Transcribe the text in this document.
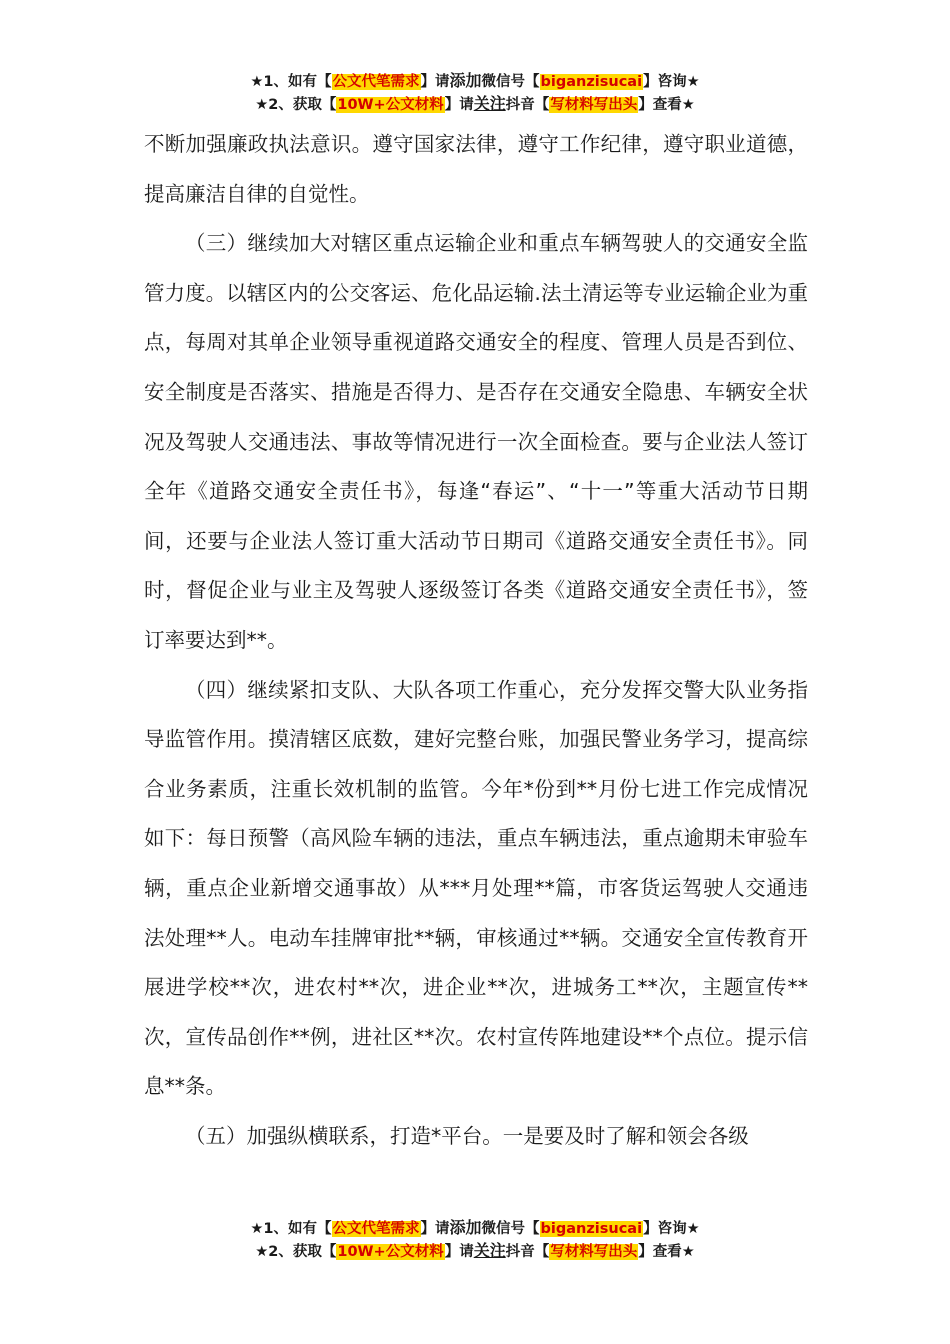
★1、如有【公文代笔需求】请添加微信号【biganzisucai】咨询★
★2、获取【10W+公文材料】请关注抖音【写材料写出头】查看★

不断加强廉政执法意识。遵守国家法律，遵守工作纪律，遵守职业道德，提高廉洁自律的自觉性。

（三）继续加大对辖区重点运输企业和重点车辆驾驶人的交通安全监管力度。以辖区内的公交客运、危化品运输.法土清运等专业运输企业为重点，每周对其单企业领导重视道路交通安全的程度、管理人员是否到位、安全制度是否落实、措施是否得力、是否存在交通安全隐患、车辆安全状况及驾驶人交通违法、事故等情况进行一次全面检查。要与企业法人签订全年《道路交通安全责任书》，每逢“春运”、“十一”等重大活动节日期间，还要与企业法人签订重大活动节日期司《道路交通安全责任书》。同时，督促企业与业主及驾驶人逐级签订各类《道路交通安全责任书》，签订率要达到**。

（四）继续紧扣支队、大队各项工作重心，充分发挥交警大队业务指导监管作用。摸清辖区底数，建好完整台账，加强民警业务学习，提高综合业务素质，注重长效机制的监管。今年*份到**月份七进工作完成情况如下：每日预警（高风险车辆的违法，重点车辆违法，重点逾期未审验车辆，重点企业新增交通事故）从***月处理**篇，市客货运驾驶人交通违法处理**人。电动车挂牌审批**辆，审核通过**辆。交通安全宣传教育开展进学校**次，进农村**次，进企业**次，进城务工**次，主题宣传**次，宣传品创作**例，进社区**次。农村宣传阵地建设**个点位。提示信息**条。

（五）加强纵横联系，打造*平台。一是要及时了解和领会各级

★1、如有【公文代笔需求】请添加微信号【biganzisucai】咨询★
★2、获取【10W+公文材料】请关注抖音【写材料写出头】查看★
